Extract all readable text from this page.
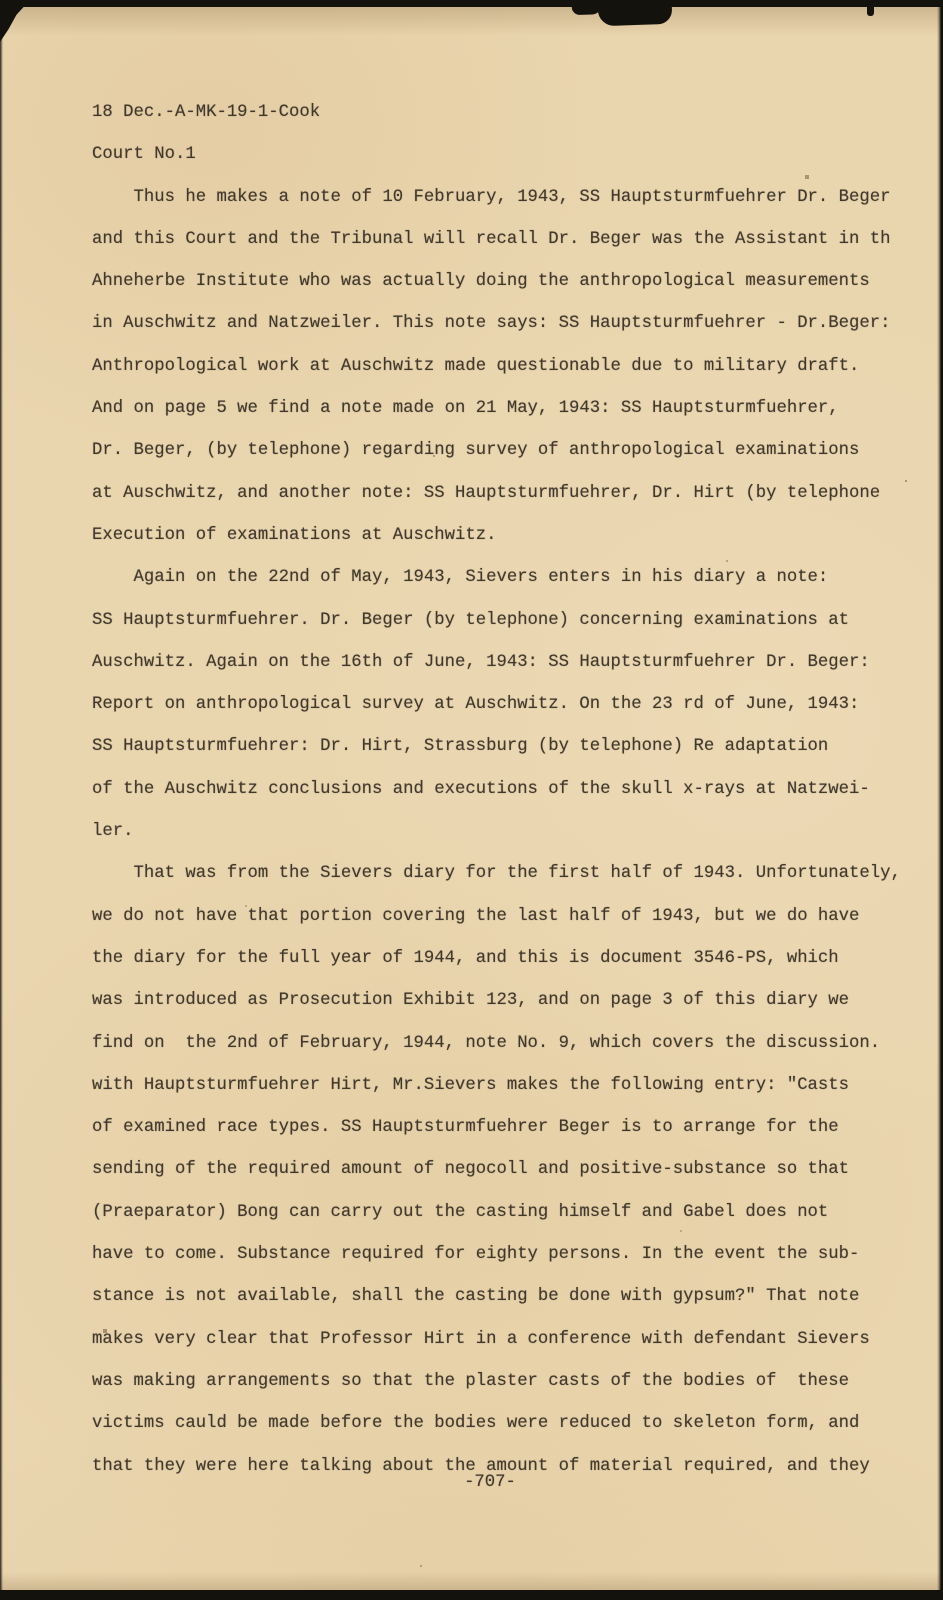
18 Dec.-A-MK-19-1-Cook
Court No.1
Thus he makes a note of 10 February, 1943, SS Hauptsturmfuehrer Dr. Beger
and this Court and the Tribunal will recall Dr. Beger was the Assistant in th
Ahneherbe Institute who was actually doing the anthropological measurements
in Auschwitz and Natzweiler. This note says: SS Hauptsturmfuehrer - Dr.Beger:
Anthropological work at Auschwitz made questionable due to military draft.
And on page 5 we find a note made on 21 May, 1943: SS Hauptsturmfuehrer,
Dr. Beger, (by telephone) regarding survey of anthropological examinations
at Auschwitz, and another note: SS Hauptsturmfuehrer, Dr. Hirt (by telephone
Execution of examinations at Auschwitz.
Again on the 22nd of May, 1943, Sievers enters in his diary a note:
SS Hauptsturmfuehrer. Dr. Beger (by telephone) concerning examinations at
Auschwitz. Again on the 16th of June, 1943: SS Hauptsturmfuehrer Dr. Beger:
Report on anthropological survey at Auschwitz. On the 23 rd of June, 1943:
SS Hauptsturmfuehrer: Dr. Hirt, Strassburg (by telephone) Re adaptation
of the Auschwitz conclusions and executions of the skull x-rays at Natzwei-
ler.
That was from the Sievers diary for the first half of 1943. Unfortunately,
we do not have that portion covering the last half of 1943, but we do have
the diary for the full year of 1944, and this is document 3546-PS, which
was introduced as Prosecution Exhibit 123, and on page 3 of this diary we
find on  the 2nd of February, 1944, note No. 9, which covers the discussion.
with Hauptsturmfuehrer Hirt, Mr.Sievers makes the following entry: "Casts
of examined race types. SS Hauptsturmfuehrer Beger is to arrange for the
sending of the required amount of negocoll and positive-substance so that
(Praeparator) Bong can carry out the casting himself and Gabel does not
have to come. Substance required for eighty persons. In the event the sub-
stance is not available, shall the casting be done with gypsum?" That note
makes very clear that Professor Hirt in a conference with defendant Sievers
was making arrangements so that the plaster casts of the bodies of  these
victims cauld be made before the bodies were reduced to skeleton form, and
that they were here talking about the amount of material required, and they
-707-
